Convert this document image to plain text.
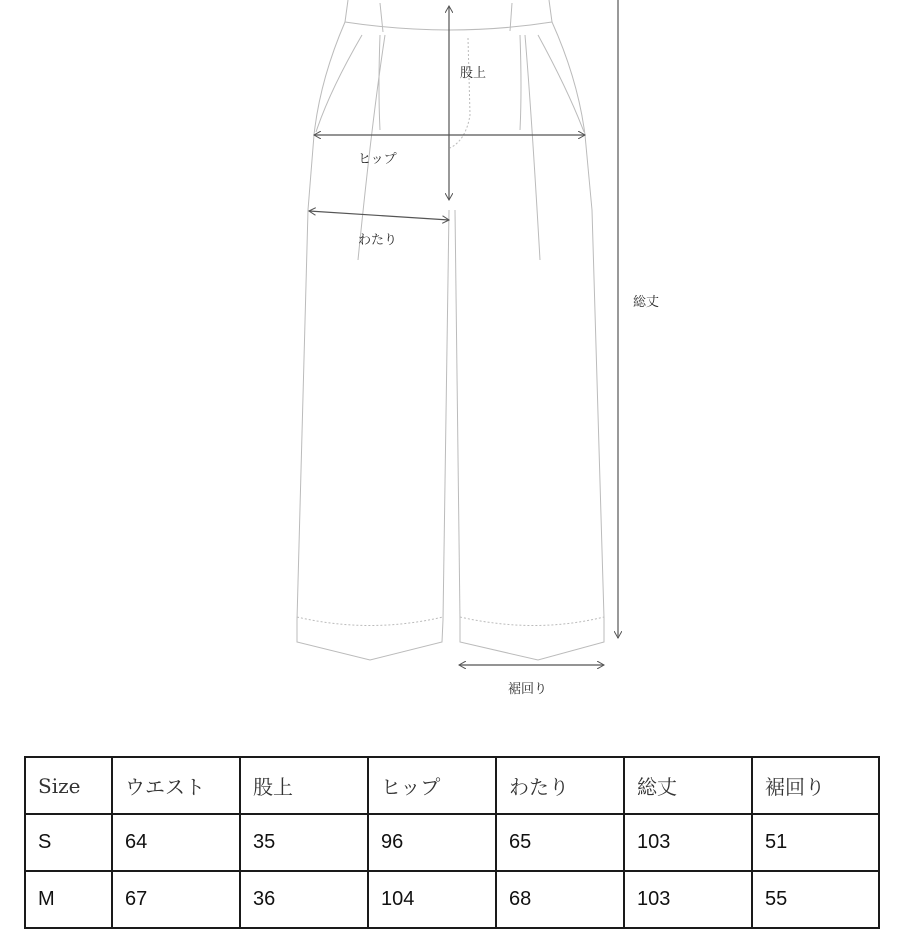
股上
ヒップ
わたり
総丈
裾回り
Size	ウエスト	股上	ヒップ	わたり	総丈	裾回り
S	64	35	96	65	103	51
M	67	36	104	68	103	55
